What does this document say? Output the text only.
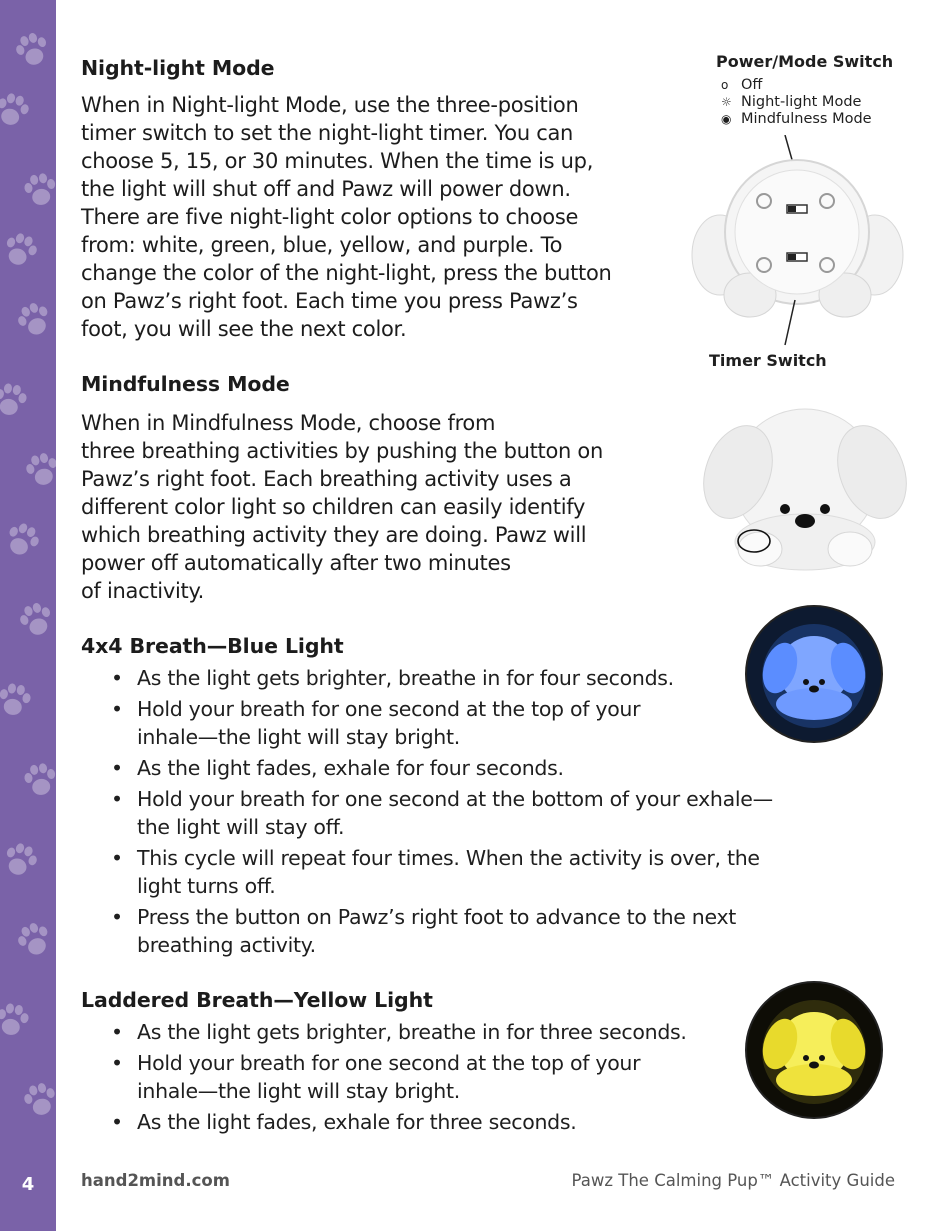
4
Night-light Mode
When in Night-light Mode, use the three-position
timer switch to set the night-light timer. You can
choose 5, 15, or 30 minutes. When the time is up,
the light will shut off and Pawz will power down.
There are five night-light color options to choose
from: white, green, blue, yellow, and purple. To
change the color of the night-light, press the button
on Pawz’s right foot. Each time you press Pawz’s
foot, you will see the next color.
Mindfulness Mode
When in Mindfulness Mode, choose from
three breathing activities by pushing the button on
Pawz’s right foot. Each breathing activity uses a
different color light so children can easily identify
which breathing activity they are doing. Pawz will
power off automatically after two minutes
of inactivity.
4x4 Breath—Blue Light
• As the light gets brighter, breathe in for four seconds.
• Hold your breath for one second at the top of your
inhale—the light will stay bright.
• As the light fades, exhale for four seconds.
• Hold your breath for one second at the bottom of your exhale—
the light will stay off.
• This cycle will repeat four times. When the activity is over, the
light turns off.
• Press the button on Pawz’s right foot to advance to the next
breathing activity.
Laddered Breath—Yellow Light
• As the light gets brighter, breathe in for three seconds.
• Hold your breath for one second at the top of your
inhale—the light will stay bright.
• As the light fades, exhale for three seconds.
Power/Mode Switch
o Off
☼ Night-light Mode
◉ Mindfulness Mode
Timer Switch
hand2mind.com	Pawz The Calming Pup™ Activity Guide
